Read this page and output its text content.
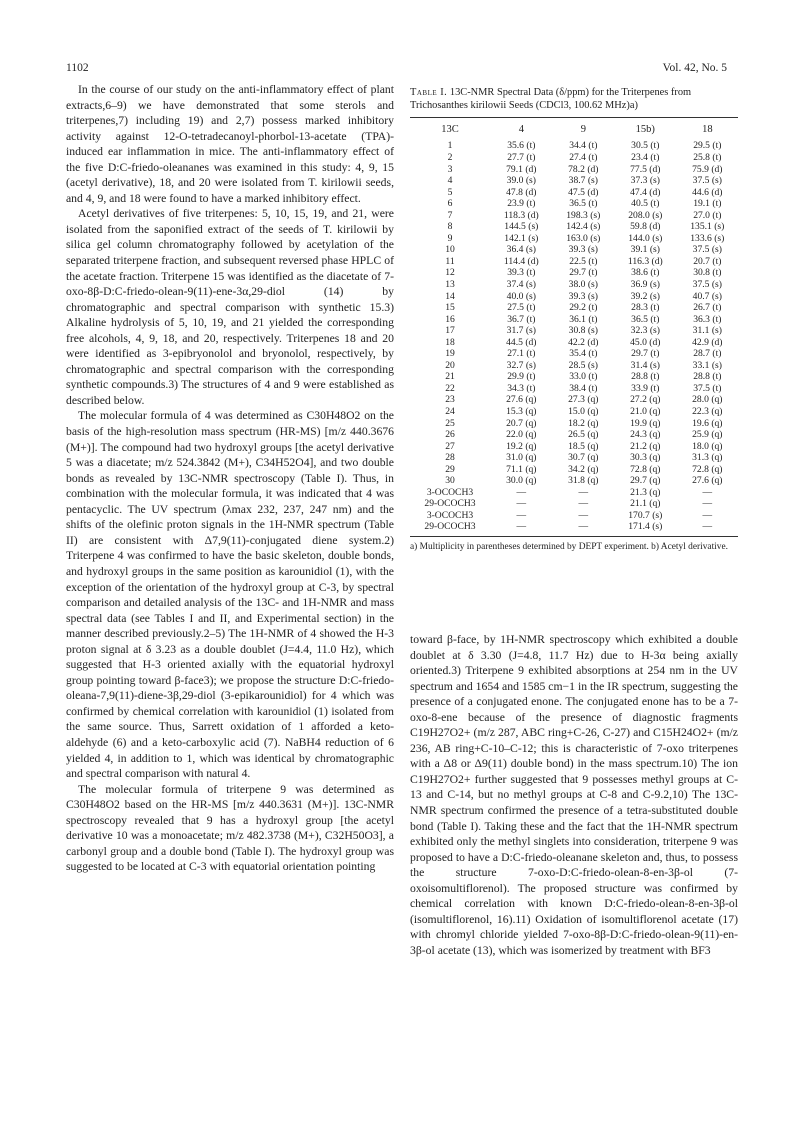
1102	Vol. 42, No. 5

In the course of our study on the anti-inflammatory effect of plant extracts,6–9) we have demonstrated that some sterols and triterpenes,7) including 19) and 2,7) possess marked inhibitory activity against 12-O-tetradecanoyl-phorbol-13-acetate (TPA)-induced ear inflammation in mice. The anti-inflammatory effect of the five D:C-friedo-oleananes was examined in this study: 4, 9, 15 (acetyl derivative), 18, and 20 were isolated from T. kirilowii seeds, and 4, 9, and 18 were found to have a marked inhibitory effect.

Acetyl derivatives of five triterpenes: 5, 10, 15, 19, and 21, were isolated from the saponified extract of the seeds of T. kirilowii by silica gel column chromatography followed by acetylation of the separated triterpene fraction, and subsequent reversed phase HPLC of the acetate fraction. Triterpene 15 was identified as the diacetate of 7-oxo-8β-D:C-friedo-olean-9(11)-ene-3α,29-diol (14) by chromatographic and spectral comparison with synthetic 15.3) Alkaline hydrolysis of 5, 10, 19, and 21 yielded the corresponding free alcohols, 4, 9, 18, and 20, respectively. Triterpenes 18 and 20 were identified as 3-epibryonolol and bryonolol, respectively, by chromatographic and spectral comparison with the corresponding synthetic compounds.3) The structures of 4 and 9 were established as described below.

The molecular formula of 4 was determined as C30H48O2 on the basis of the high-resolution mass spectrum (HR-MS) [m/z 440.3676 (M+)]. The compound had two hydroxyl groups [the acetyl derivative 5 was a diacetate; m/z 524.3842 (M+), C34H52O4], and two double bonds as revealed by 13C-NMR spectroscopy (Table I). Thus, in combination with the molecular formula, it was indicated that 4 was pentacyclic. The UV spectrum (λmax 232, 237, 247 nm) and the shifts of the olefinic proton signals in the 1H-NMR spectrum (Table II) are consistent with Δ7,9(11)-conjugated diene system.2) Triterpene 4 was confirmed to have the basic skeleton, double bonds, and hydroxyl groups in the same position as karounidiol (1), with the exception of the orientation of the hydroxyl group at C-3, by spectral comparison and detailed analysis of the 13C- and 1H-NMR and mass spectral data (see Tables I and II, and Experimental section) in the manner described previously.2–5) The 1H-NMR of 4 showed the H-3 proton signal at δ 3.23 as a double doublet (J=4.4, 11.0 Hz), which suggested that H-3 oriented axially with the equatorial hydroxyl group pointing toward β-face3); we propose the structure D:C-friedo-oleana-7,9(11)-diene-3β,29-diol (3-epikarounidiol) for 4 which was confirmed by chemical correlation with karounidiol (1) isolated from the same source. Thus, Sarrett oxidation of 1 afforded a keto-aldehyde (6) and a keto-carboxylic acid (7). NaBH4 reduction of 6 yielded 4, in addition to 1, which was identical by chromatographic and spectral comparison with natural 4.

The molecular formula of triterpene 9 was determined as C30H48O2 based on the HR-MS [m/z 440.3631 (M+)]. 13C-NMR spectroscopy revealed that 9 has a hydroxyl group [the acetyl derivative 10 was a monoacetate; m/z 482.3738 (M+), C32H50O3], a carbonyl group and a double bond (Table I). The hydroxyl group was suggested to be located at C-3 with equatorial orientation pointing

Table I. 13C-NMR Spectral Data (δ/ppm) for the Triterpenes from Trichosanthes kirilowii Seeds (CDCl3, 100.62 MHz)a)
13C	4	9	15b)	18
1	35.6 (t)	34.4 (t)	30.5 (t)	29.5 (t)
2	27.7 (t)	27.4 (t)	23.4 (t)	25.8 (t)
3	79.1 (d)	78.2 (d)	77.5 (d)	75.9 (d)
4	39.0 (s)	38.7 (s)	37.3 (s)	37.5 (s)
5	47.8 (d)	47.5 (d)	47.4 (d)	44.6 (d)
6	23.9 (t)	36.5 (t)	40.5 (t)	19.1 (t)
7	118.3 (d)	198.3 (s)	208.0 (s)	27.0 (t)
8	144.5 (s)	142.4 (s)	59.8 (d)	135.1 (s)
9	142.1 (s)	163.0 (s)	144.0 (s)	133.6 (s)
10	36.4 (s)	39.3 (s)	39.1 (s)	37.5 (s)
11	114.4 (d)	22.5 (t)	116.3 (d)	20.7 (t)
12	39.3 (t)	29.7 (t)	38.6 (t)	30.8 (t)
13	37.4 (s)	38.0 (s)	36.9 (s)	37.5 (s)
14	40.0 (s)	39.3 (s)	39.2 (s)	40.7 (s)
15	27.5 (t)	29.2 (t)	28.3 (t)	26.7 (t)
16	36.7 (t)	36.1 (t)	36.5 (t)	36.3 (t)
17	31.7 (s)	30.8 (s)	32.3 (s)	31.1 (s)
18	44.5 (d)	42.2 (d)	45.0 (d)	42.9 (d)
19	27.1 (t)	35.4 (t)	29.7 (t)	28.7 (t)
20	32.7 (s)	28.5 (s)	31.4 (s)	33.1 (s)
21	29.9 (t)	33.0 (t)	28.8 (t)	28.8 (t)
22	34.3 (t)	38.4 (t)	33.9 (t)	37.5 (t)
23	27.6 (q)	27.3 (q)	27.2 (q)	28.0 (q)
24	15.3 (q)	15.0 (q)	21.0 (q)	22.3 (q)
25	20.7 (q)	18.2 (q)	19.9 (q)	19.6 (q)
26	22.0 (q)	26.5 (q)	24.3 (q)	25.9 (q)
27	19.2 (q)	18.5 (q)	21.2 (q)	18.0 (q)
28	31.0 (q)	30.7 (q)	30.3 (q)	31.3 (q)
29	71.1 (q)	34.2 (q)	72.8 (q)	72.8 (q)
30	30.0 (q)	31.8 (q)	29.7 (q)	27.6 (q)
3-OCOCH3	—	—	21.3 (q)	—
29-OCOCH3	—	—	21.1 (q)	—
3-OCOCH3	—	—	170.7 (s)	—
29-OCOCH3	—	—	171.4 (s)	—
a) Multiplicity in parentheses determined by DEPT experiment. b) Acetyl derivative.

toward β-face, by 1H-NMR spectroscopy which exhibited a double doublet at δ 3.30 (J=4.8, 11.7 Hz) due to H-3α being axially oriented.3) Triterpene 9 exhibited absorptions at 254 nm in the UV spectrum and 1654 and 1585 cm−1 in the IR spectrum, suggesting the presence of a conjugated enone. The conjugated enone has to be a 7-oxo-8-ene because of the presence of diagnostic fragments C19H27O2+ (m/z 287, ABC ring+C-26, C-27) and C15H24O2+ (m/z 236, AB ring+C-10–C-12; this is characteristic of 7-oxo triterpenes with a Δ8 or Δ9(11) double bond) in the mass spectrum.10) The ion C19H27O2+ further suggested that 9 possesses methyl groups at C-13 and C-14, but no methyl groups at C-8 and C-9.2,10) The 13C-NMR spectrum confirmed the presence of a tetra-substituted double bond (Table I). Taking these and the fact that the 1H-NMR spectrum exhibited only the methyl singlets into consideration, triterpene 9 was proposed to have a D:C-friedo-oleanane skeleton and, thus, to possess the structure 7-oxo-D:C-friedo-olean-8-en-3β-ol (7-oxoisomultiflorenol). The proposed structure was confirmed by chemical correlation with known D:C-friedo-olean-8-en-3β-ol (isomultiflorenol, 16).11) Oxidation of isomultiflorenol acetate (17) with chromyl chloride yielded 7-oxo-8β-D:C-friedo-olean-9(11)-en-3β-ol acetate (13), which was isomerized by treatment with BF3
